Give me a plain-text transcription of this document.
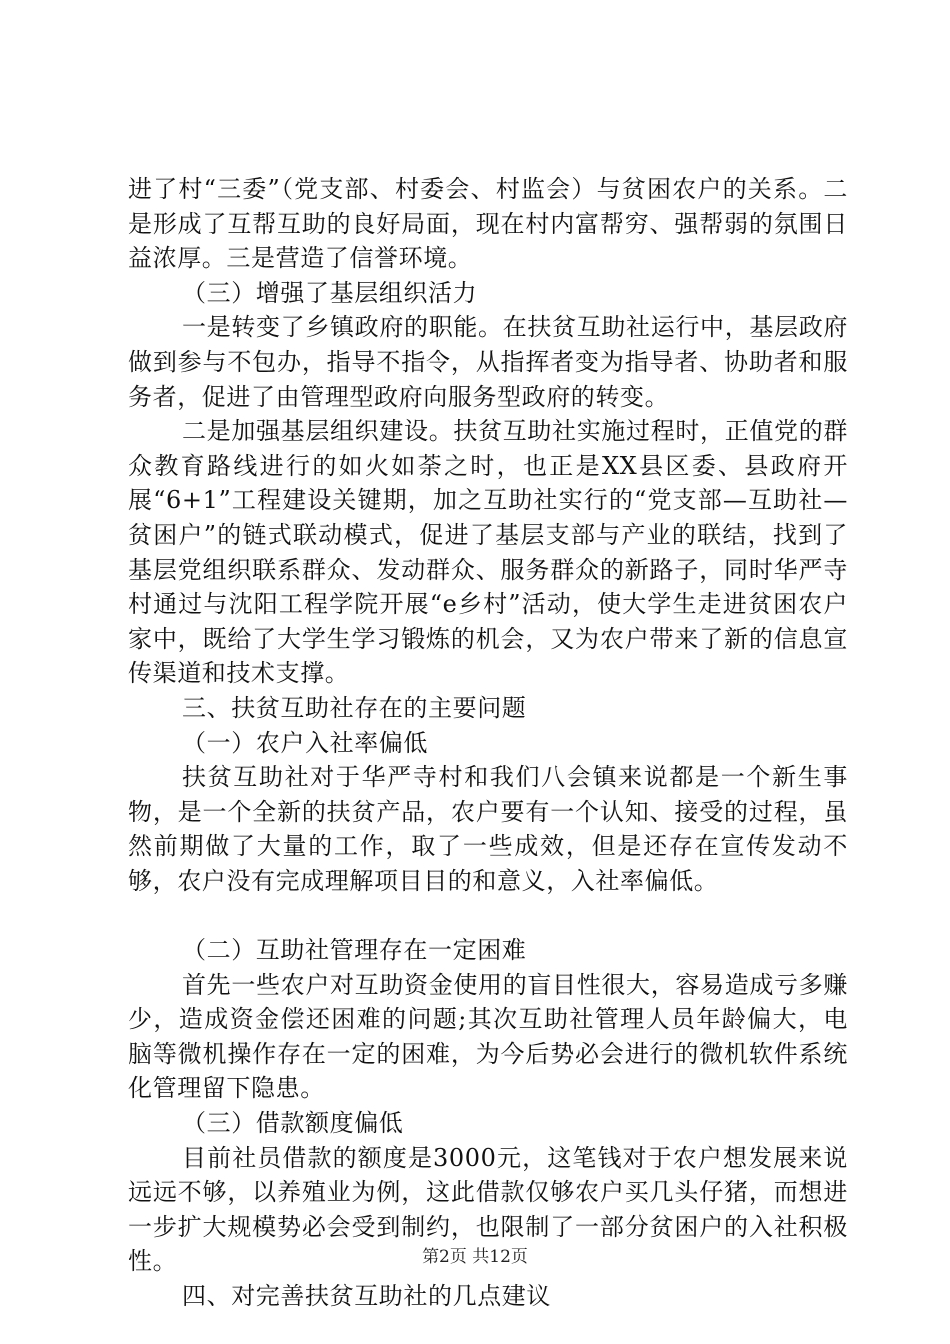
进了村“三委”（党支部、村委会、村监会）与贫困农户的关系。二是形成了互帮互助的良好局面，现在村内富帮穷、强帮弱的氛围日益浓厚。三是营造了信誉环境。

（三）增强了基层组织活力

一是转变了乡镇政府的职能。在扶贫互助社运行中，基层政府做到参与不包办，指导不指令，从指挥者变为指导者、协助者和服务者，促进了由管理型政府向服务型政府的转变。

二是加强基层组织建设。扶贫互助社实施过程时，正值党的群众教育路线进行的如火如荼之时，也正是XX县区委、县政府开展“6+1”工程建设关键期，加之互助社实行的“党支部—互助社—贫困户”的链式联动模式，促进了基层支部与产业的联结，找到了基层党组织联系群众、发动群众、服务群众的新路子，同时华严寺村通过与沈阳工程学院开展“e乡村”活动，使大学生走进贫困农户家中，既给了大学生学习锻炼的机会，又为农户带来了新的信息宣传渠道和技术支撑。

三、扶贫互助社存在的主要问题

（一）农户入社率偏低

扶贫互助社对于华严寺村和我们八会镇来说都是一个新生事物，是一个全新的扶贫产品，农户要有一个认知、接受的过程，虽然前期做了大量的工作，取了一些成效，但是还存在宣传发动不够，农户没有完成理解项目目的和意义，入社率偏低。

（二）互助社管理存在一定困难

首先一些农户对互助资金使用的盲目性很大，容易造成亏多赚少，造成资金偿还困难的问题;其次互助社管理人员年龄偏大，电脑等微机操作存在一定的困难，为今后势必会进行的微机软件系统化管理留下隐患。

（三）借款额度偏低

目前社员借款的额度是3000元，这笔钱对于农户想发展来说远远不够，以养殖业为例，这此借款仅够农户买几头仔猪，而想进一步扩大规模势必会受到制约，也限制了一部分贫困户的入社积极性。

四、对完善扶贫互助社的几点建议

第2页 共12页
